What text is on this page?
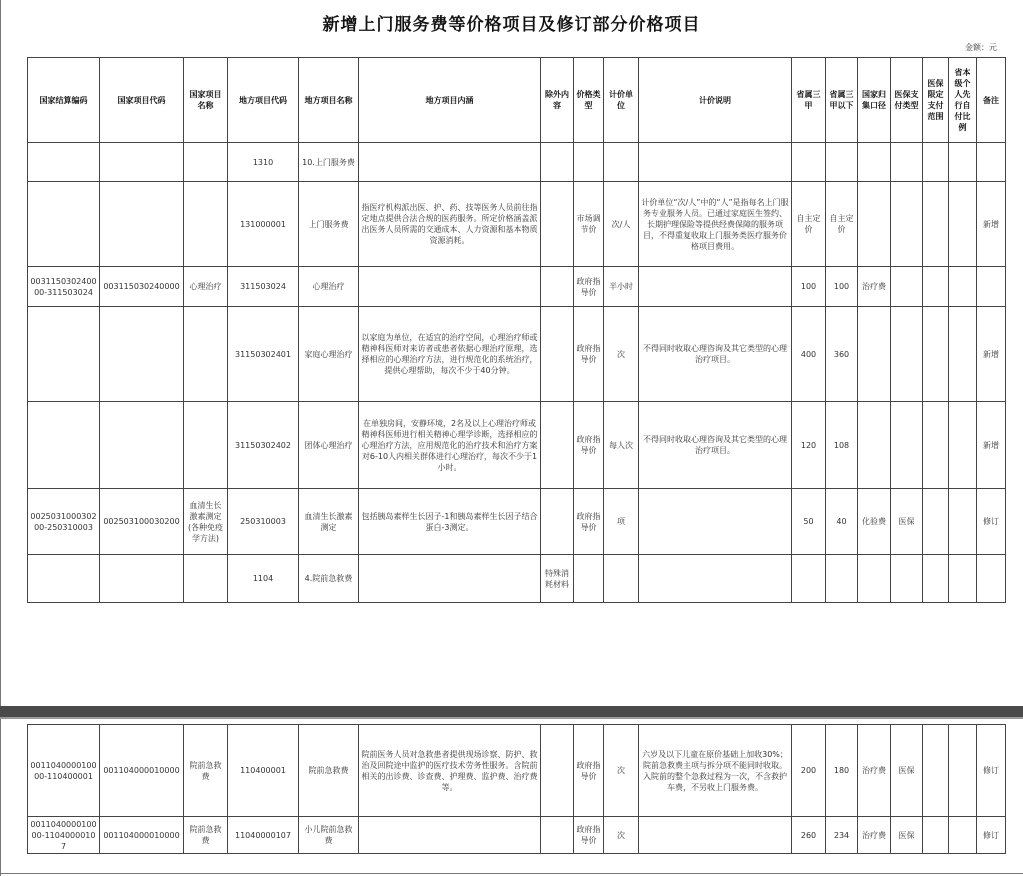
新增上门服务费等价格项目及修订部分价格项目
金额：元
国家结算编码	国家项目代码	国家项目名称	地方项目代码	地方项目名称	地方项目内涵	除外内容	价格类型	计价单位	计价说明	省属三甲	省属三甲以下	国家归集口径	医保支付类型	医保限定支付范围	省本级个人先行自付比例	备注
			1310	10.上门服务费												
			131000001	上门服务费	指医疗机构派出医、护、药、技等医务人员前往指定地点提供合法合规的医药服务。所定价格涵盖派出医务人员所需的交通成本、人力资源和基本物质资源消耗。		市场调节价	次/人	计价单位“次/人”中的“人”是指每名上门服务专业服务人员。已通过家庭医生签约、长期护理保险等提供经费保障的服务项目，不得重复收取上门服务类医疗服务价格项目费用。	自主定价	自主定价					新增
003115030240000-311503024	003115030240000	心理治疗	311503024	心理治疗			政府指导价	半小时		100	100	治疗费				
			31150302401	家庭心理治疗	以家庭为单位，在适宜的治疗空间，心理治疗师或精神科医师对来访者或患者依据心理治疗原理，选择相应的心理治疗方法，进行规范化的系统治疗，提供心理帮助，每次不少于40分钟。		政府指导价	次	不得同时收取心理咨询及其它类型的心理治疗项目。	400	360					新增
			31150302402	团体心理治疗	在单独房间，安静环境，2名及以上心理治疗师或精神科医师进行相关精神心理学诊断，选择相应的心理治疗方法，应用规范化的治疗技术和治疗方案对6-10人内相关群体进行心理治疗，每次不少于1小时。		政府指导价	每人次	不得同时收取心理咨询及其它类型的心理治疗项目。	120	108					新增
002503100030200-250310003	002503100030200	血清生长激素测定(各种免疫学方法)	250310003	血清生长激素测定	包括胰岛素样生长因子-1和胰岛素样生长因子结合蛋白-3测定。		政府指导价	项		50	40	化验费	医保			修订
			1104	4.院前急救费		特殊消耗材料										
001104000010000-110400001	001104000010000	院前急救费	110400001	院前急救费	院前医务人员对急救患者提供现场诊察、防护、救治及回院途中监护的医疗技术劳务性服务。含院前相关的出诊费、诊查费、护理费、监护费、治疗费等。		政府指导价	次	六岁及以下儿童在原价基础上加收30%；院前急救费主项与拆分项不能同时收取。入院前的整个急救过程为一次，不含救护车费，不另收上门服务费。	200	180	治疗费	医保			修订
001104000010000-11040000107	001104000010000	院前急救费	11040000107	小儿院前急救费			政府指导价	次		260	234	治疗费	医保			修订
